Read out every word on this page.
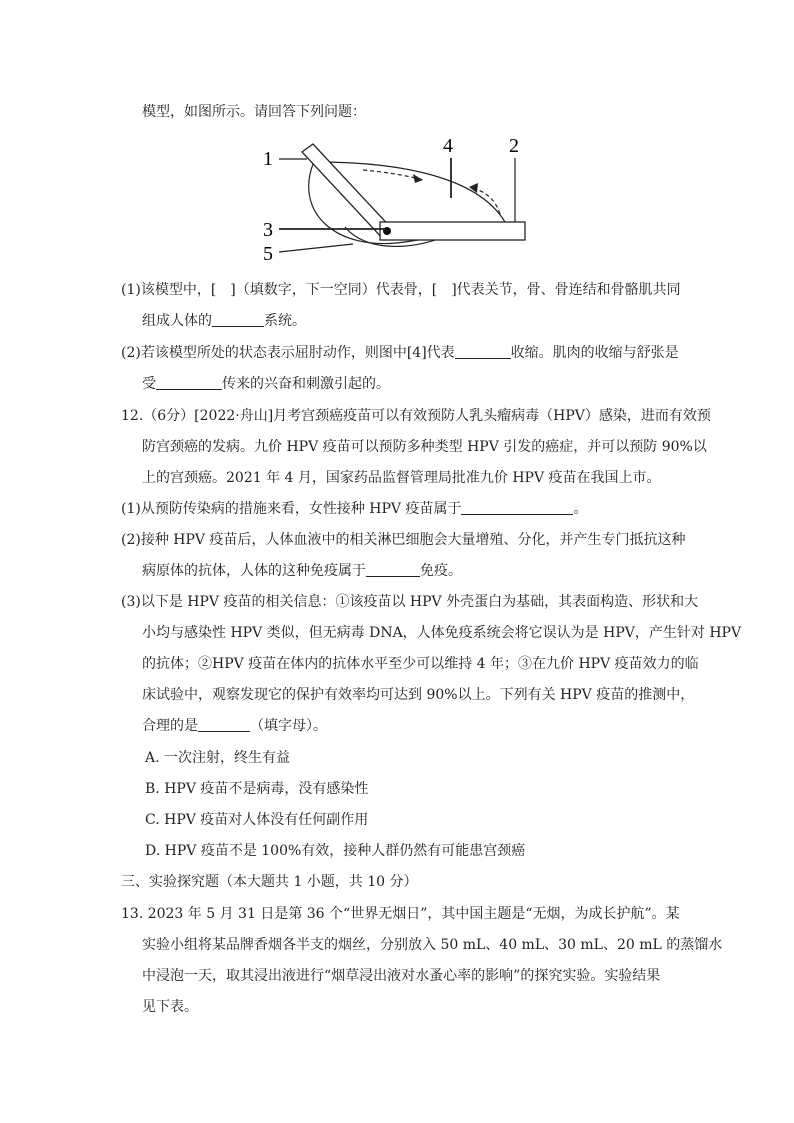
模型，如图所示。请回答下列问题：
1
2
3
4
5
(1)该模型中，[　]（填数字，下一空同）代表骨，[　]代表关节，骨、骨连结和骨骼肌共同
组成人体的	系统。
(2)若该模型所处的状态表示屈肘动作，则图中[4]代表	收缩。肌肉的收缩与舒张是
受	传来的兴奋和刺激引起的。
12.（6分）[2022·舟山]月考宫颈癌疫苗可以有效预防人乳头瘤病毒（HPV）感染，进而有效预
防宫颈癌的发病。九价 HPV 疫苗可以预防多种类型 HPV 引发的癌症，并可以预防 90%以
上的宫颈癌。2021 年 4 月，国家药品监督管理局批准九价 HPV 疫苗在我国上市。
(1)从预防传染病的措施来看，女性接种 HPV 疫苗属于	。
(2)接种 HPV 疫苗后，人体血液中的相关淋巴细胞会大量增殖、分化，并产生专门抵抗这种
病原体的抗体，人体的这种免疫属于	免疫。
(3)以下是 HPV 疫苗的相关信息：①该疫苗以 HPV 外壳蛋白为基础，其表面构造、形状和大
小均与感染性 HPV 类似，但无病毒 DNA，人体免疫系统会将它误认为是 HPV，产生针对 HPV
的抗体；②HPV 疫苗在体内的抗体水平至少可以维持 4 年；③在九价 HPV 疫苗效力的临
床试验中，观察发现它的保护有效率均可达到 90%以上。下列有关 HPV 疫苗的推测中，
合理的是	（填字母）。
A. 一次注射，终生有益
B. HPV 疫苗不是病毒，没有感染性
C. HPV 疫苗对人体没有任何副作用
D. HPV 疫苗不是 100%有效，接种人群仍然有可能患宫颈癌
三、实验探究题（本大题共 1 小题，共 10 分）
13. 2023 年 5 月 31 日是第 36 个“世界无烟日”，其中国主题是“无烟，为成长护航”。某
实验小组将某品牌香烟各半支的烟丝，分别放入 50 mL、40 mL、30 mL、20 mL 的蒸馏水
中浸泡一天，取其浸出液进行“烟草浸出液对水蚤心率的影响”的探究实验。实验结果
见下表。
